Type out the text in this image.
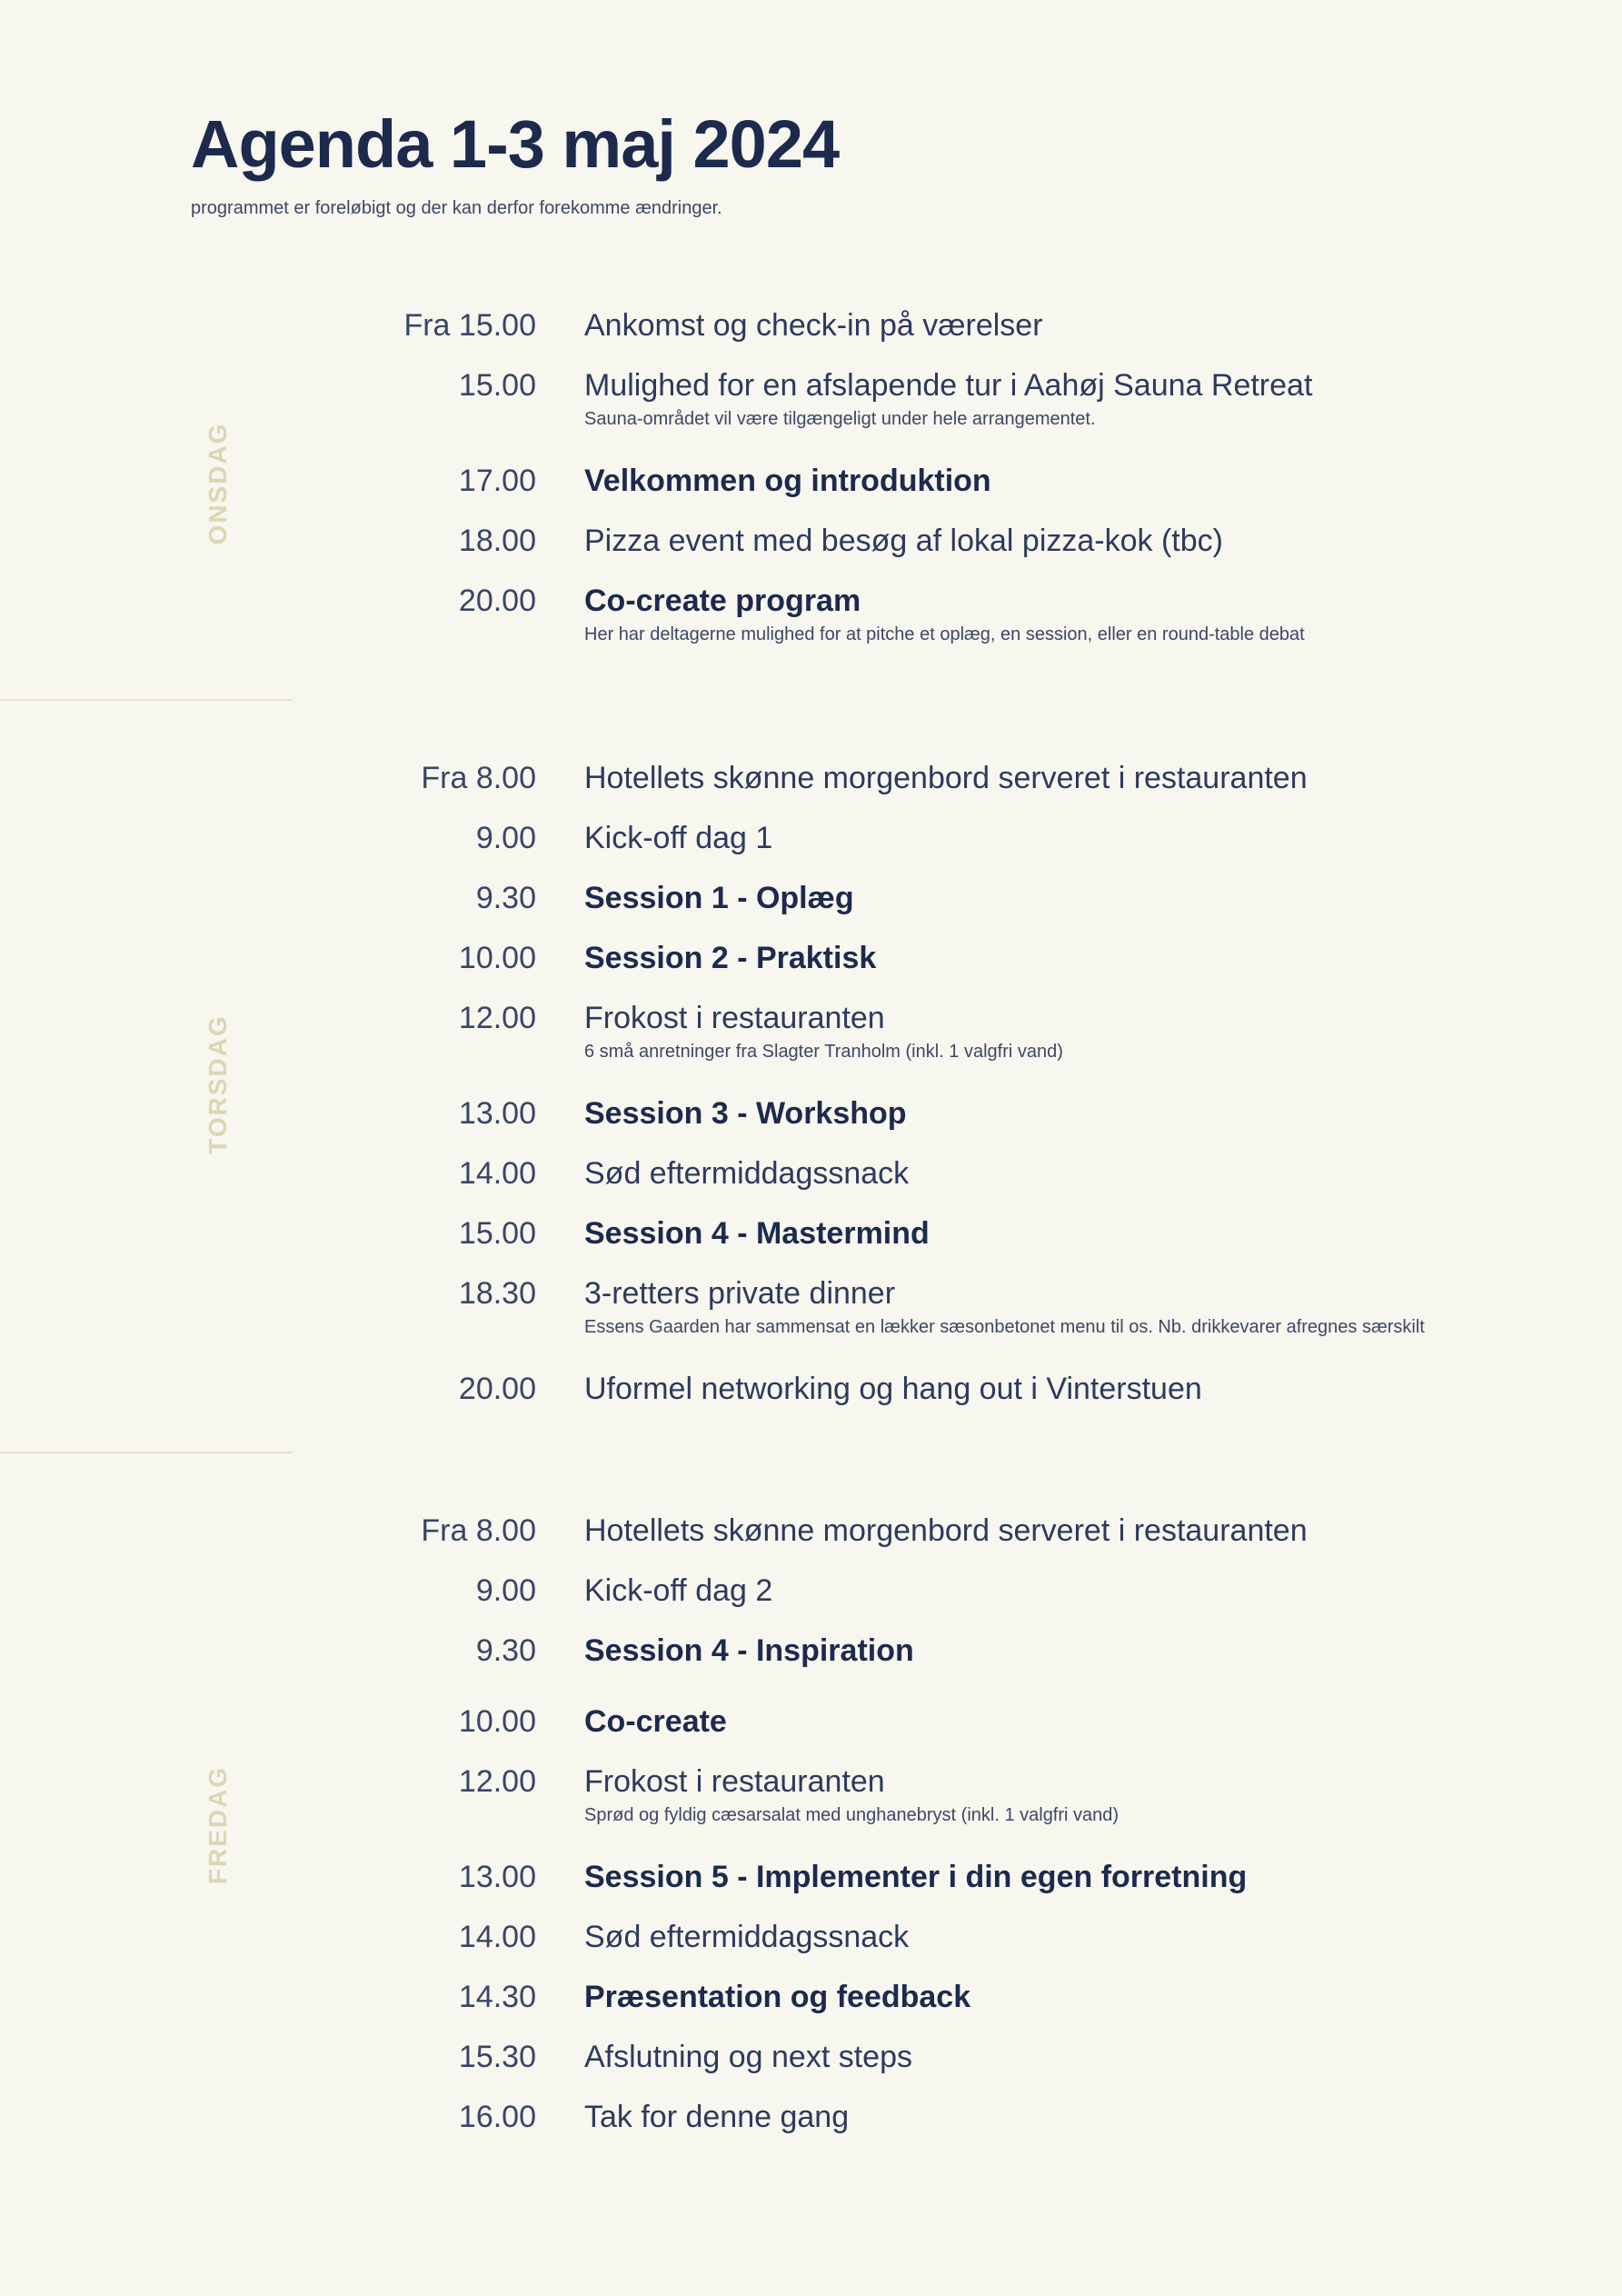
Agenda 1-3 maj 2024
programmet er foreløbigt og der kan derfor forekomme ændringer.
ONSDAG
Fra 15.00 Ankomst og check-in på værelser
15.00 Mulighed for en afslapende tur i Aahøj Sauna Retreat
Sauna-området vil være tilgængeligt under hele arrangementet.
17.00 Velkommen og introduktion
18.00 Pizza event med besøg af lokal pizza-kok (tbc)
20.00 Co-create program
Her har deltagerne mulighed for at pitche et oplæg, en session, eller en round-table debat
TORSDAG
Fra 8.00 Hotellets skønne morgenbord serveret i restauranten
9.00 Kick-off dag 1
9.30 Session 1 - Oplæg
10.00 Session 2 - Praktisk
12.00 Frokost i restauranten
6 små anretninger fra Slagter Tranholm (inkl. 1 valgfri vand)
13.00 Session 3 - Workshop
14.00 Sød eftermiddagssnack
15.00 Session 4 - Mastermind
18.30 3-retters private dinner
Essens Gaarden har sammensat en lækker sæsonbetonet menu til os. Nb. drikkevarer afregnes særskilt
20.00 Uformel networking og hang out i Vinterstuen
FREDAG
Fra 8.00 Hotellets skønne morgenbord serveret i restauranten
9.00 Kick-off dag 2
9.30 Session 4 - Inspiration
10.00 Co-create
12.00 Frokost i restauranten
Sprød og fyldig cæsarsalat med unghanebryst (inkl. 1 valgfri vand)
13.00 Session 5 - Implementer i din egen forretning
14.00 Sød eftermiddagssnack
14.30 Præsentation og feedback
15.30 Afslutning og next steps
16.00 Tak for denne gang
